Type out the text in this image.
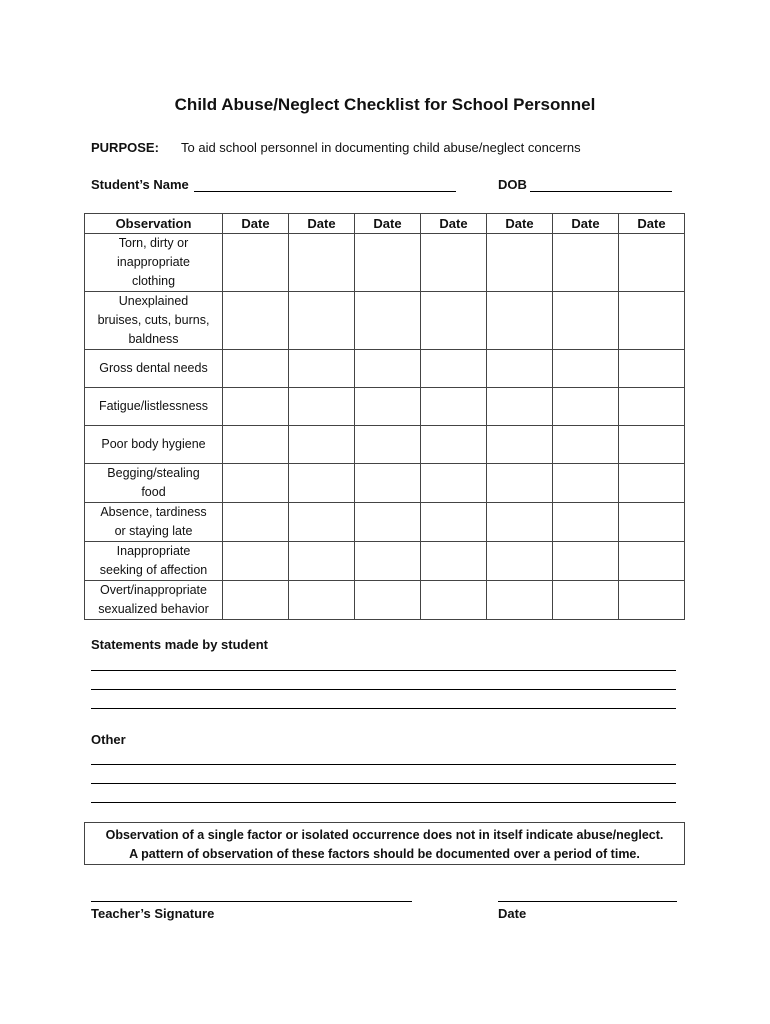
Child Abuse/Neglect Checklist for School Personnel
PURPOSE: To aid school personnel in documenting child abuse/neglect concerns
Student’s Name	DOB
Observation	Date	Date	Date	Date	Date	Date	Date

Torn, dirty or
inappropriate
clothing							

Unexplained
bruises, cuts, burns,
baldness							

Gross dental needs							

Fatigue/listlessness							

Poor body hygiene							

Begging/stealing
food							

Absence, tardiness
or staying late							

Inappropriate
seeking of affection							

Overt/inappropriate
sexualized behavior							

Statements made by student
Other
Observation of a single factor or isolated occurrence does not in itself indicate abuse/neglect.
A pattern of observation of these factors should be documented over a period of time.
Teacher’s Signature	Date
